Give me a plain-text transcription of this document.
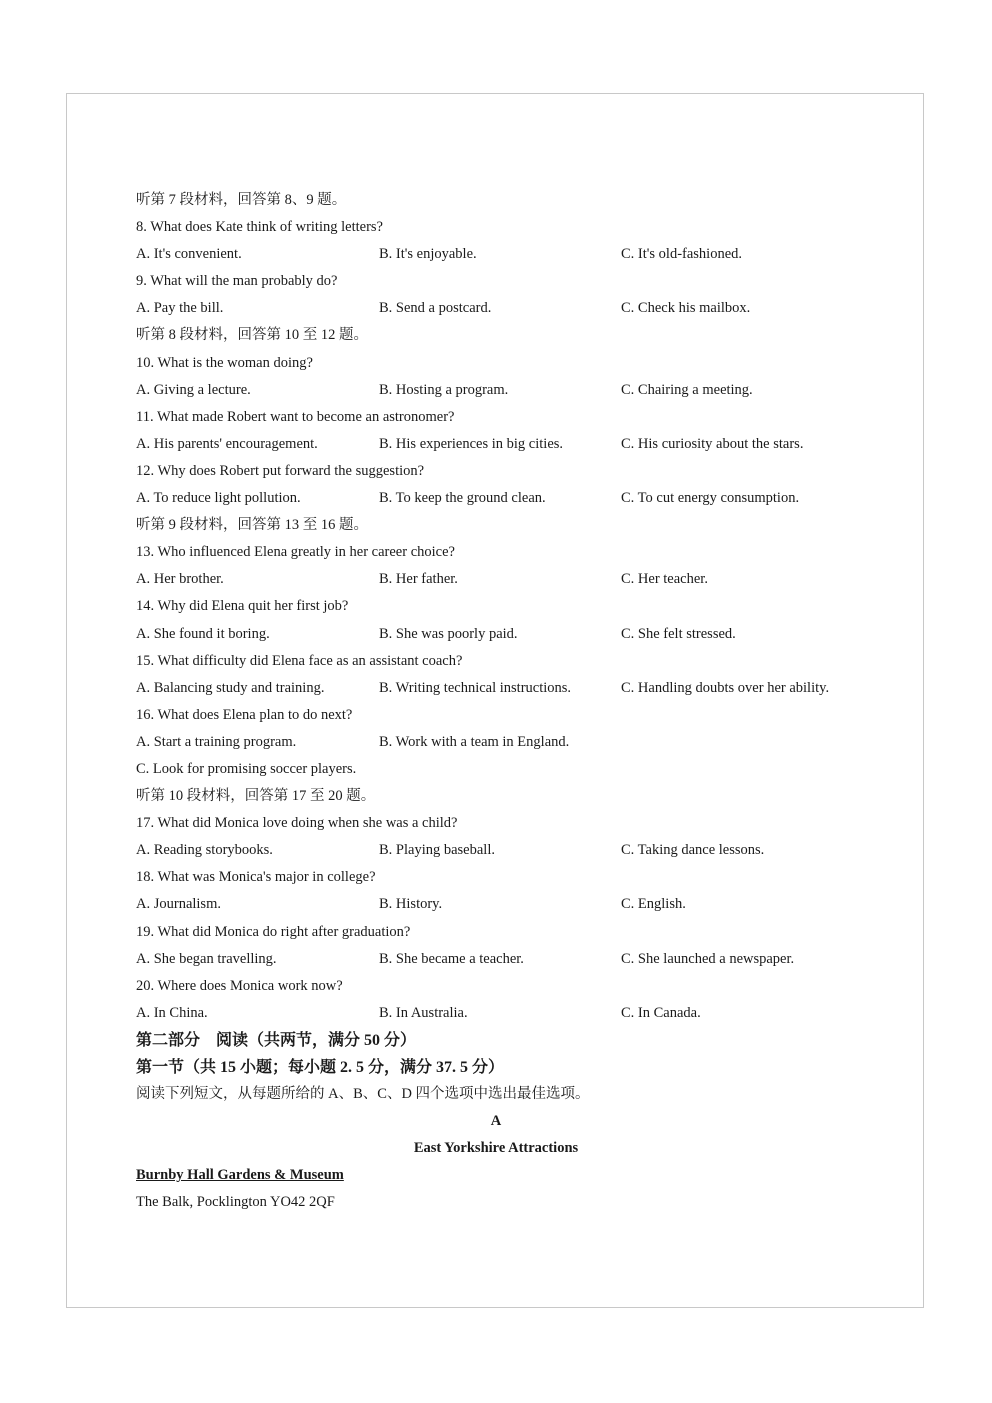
听第 7 段材料，回答第 8、9 题。
8. What does Kate think of writing letters?
A. It's convenient.	B. It's enjoyable.	C. It's old-fashioned.
9. What will the man probably do?
A. Pay the bill.	B. Send a postcard.	C. Check his mailbox.
听第 8 段材料，回答第 10 至 12 题。
10. What is the woman doing?
A. Giving a lecture.	B. Hosting a program.	C. Chairing a meeting.
11. What made Robert want to become an astronomer?
A. His parents' encouragement.	B. His experiences in big cities.	C. His curiosity about the stars.
12. Why does Robert put forward the suggestion?
A. To reduce light pollution.	B. To keep the ground clean.	C. To cut energy consumption.
听第 9 段材料，回答第 13 至 16 题。
13. Who influenced Elena greatly in her career choice?
A. Her brother.	B. Her father.	C. Her teacher.
14. Why did Elena quit her first job?
A. She found it boring.	B. She was poorly paid.	C. She felt stressed.
15. What difficulty did Elena face as an assistant coach?
A. Balancing study and training.	B. Writing technical instructions.	C. Handling doubts over her ability.
16. What does Elena plan to do next?
A. Start a training program.	B. Work with a team in England.
C. Look for promising soccer players.
听第 10 段材料，回答第 17 至 20 题。
17. What did Monica love doing when she was a child?
A. Reading storybooks.	B. Playing baseball.	C. Taking dance lessons.
18. What was Monica's major in college?
A. Journalism.	B. History.	C. English.
19. What did Monica do right after graduation?
A. She began travelling.	B. She became a teacher.	C. She launched a newspaper.
20. Where does Monica work now?
A. In China.	B. In Australia.	C. In Canada.
第二部分　阅读（共两节，满分 50 分）
第一节（共 15 小题；每小题 2. 5 分，满分 37. 5 分）
阅读下列短文，从每题所给的 A、B、C、D 四个选项中选出最佳选项。
A
East Yorkshire Attractions
Burnby Hall Gardens & Museum
The Balk, Pocklington YO42 2QF
